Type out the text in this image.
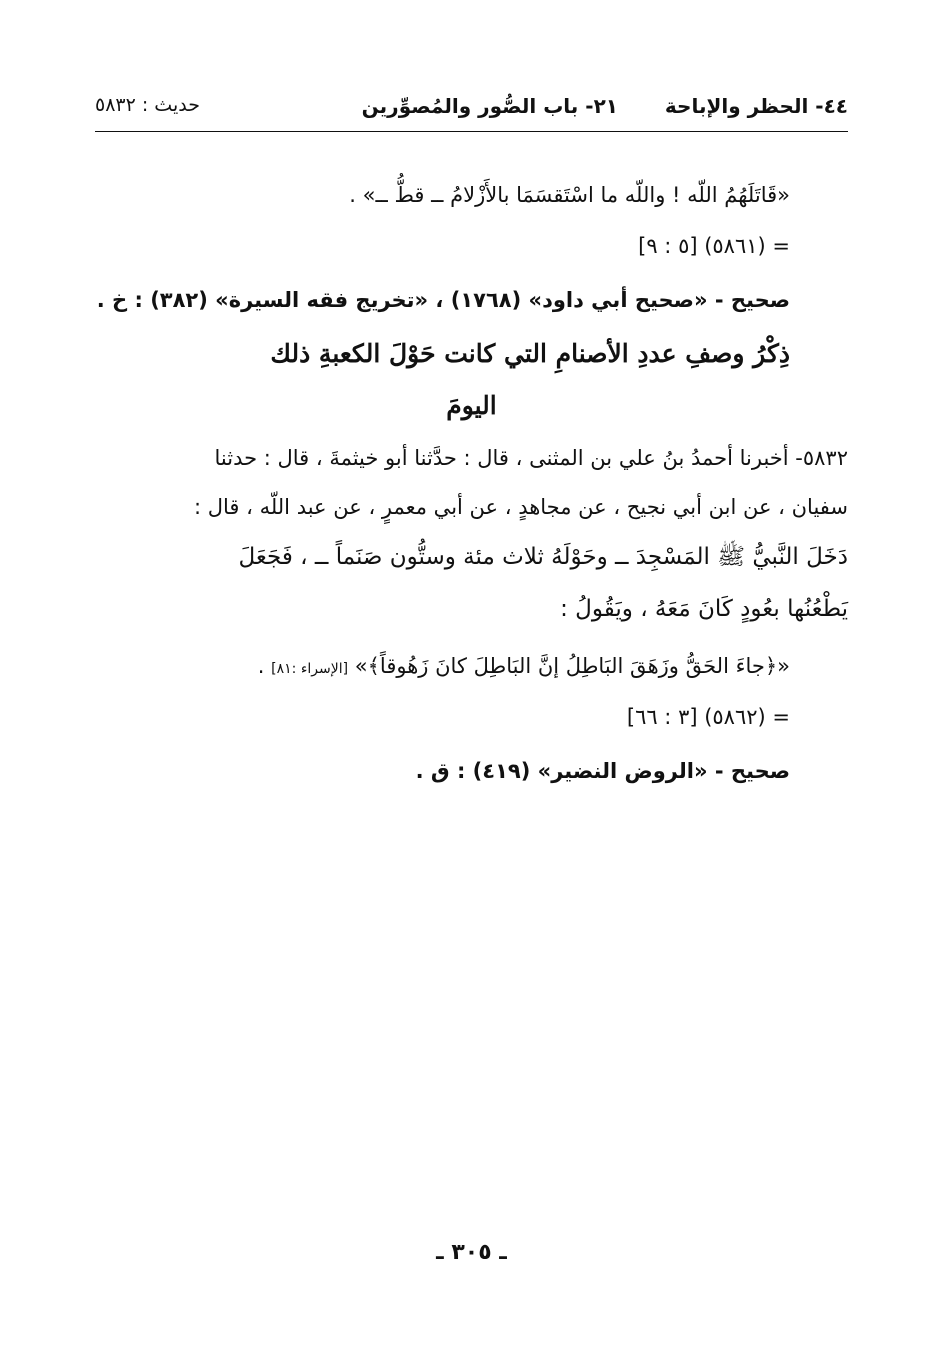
٤٤- الحظر والإباحة
٢١- باب الصُّور والمُصوِّرين
حديث : ٥٨٣٢
«قَاتَلَهُمُ اللّه ! واللّه ما اسْتَقسَمَا بالأَزْلامُ ــ قطُّ ــ» .
= (٥٨٦١) [٥ : ٩]
صحيح - «صحيح أبي داود» (١٧٦٨) ، «تخريج فقه السيرة» (٣٨٢) : خ .
ذِكْرُ وصفِ عددِ الأصنامِ التي كانت حَوْلَ الكعبةِ ذلك
اليومَ
٥٨٣٢- أخبرنا أحمدُ بنُ علي بن المثنى ، قال : حدَّثنا أبو خيثمةَ ، قال : حدثنا
سفيان ، عن ابن أبي نجيح ، عن مجاهدٍ ، عن أبي معمرٍ ، عن عبد اللّه ، قال :
دَخَلَ النَّبيُّ ﷺ المَسْجِدَ ــ وحَوْلَهُ ثلاث مئة وستُّون صَنَماً ــ ، فَجَعَلَ
يَطْعُنُها بعُودٍ كَانَ مَعَهُ ، ويَقُولُ :
«﴿جاءَ الحَقُّ وزَهَقَ البَاطِلُ إنَّ البَاطِلَ كانَ زَهُوقاً﴾» [الإسراء :٨١] .
= (٥٨٦٢) [٣ : ٦٦]
صحيح - «الروض النضير» (٤١٩) : ق .
ـ ٣٠٥ ـ
